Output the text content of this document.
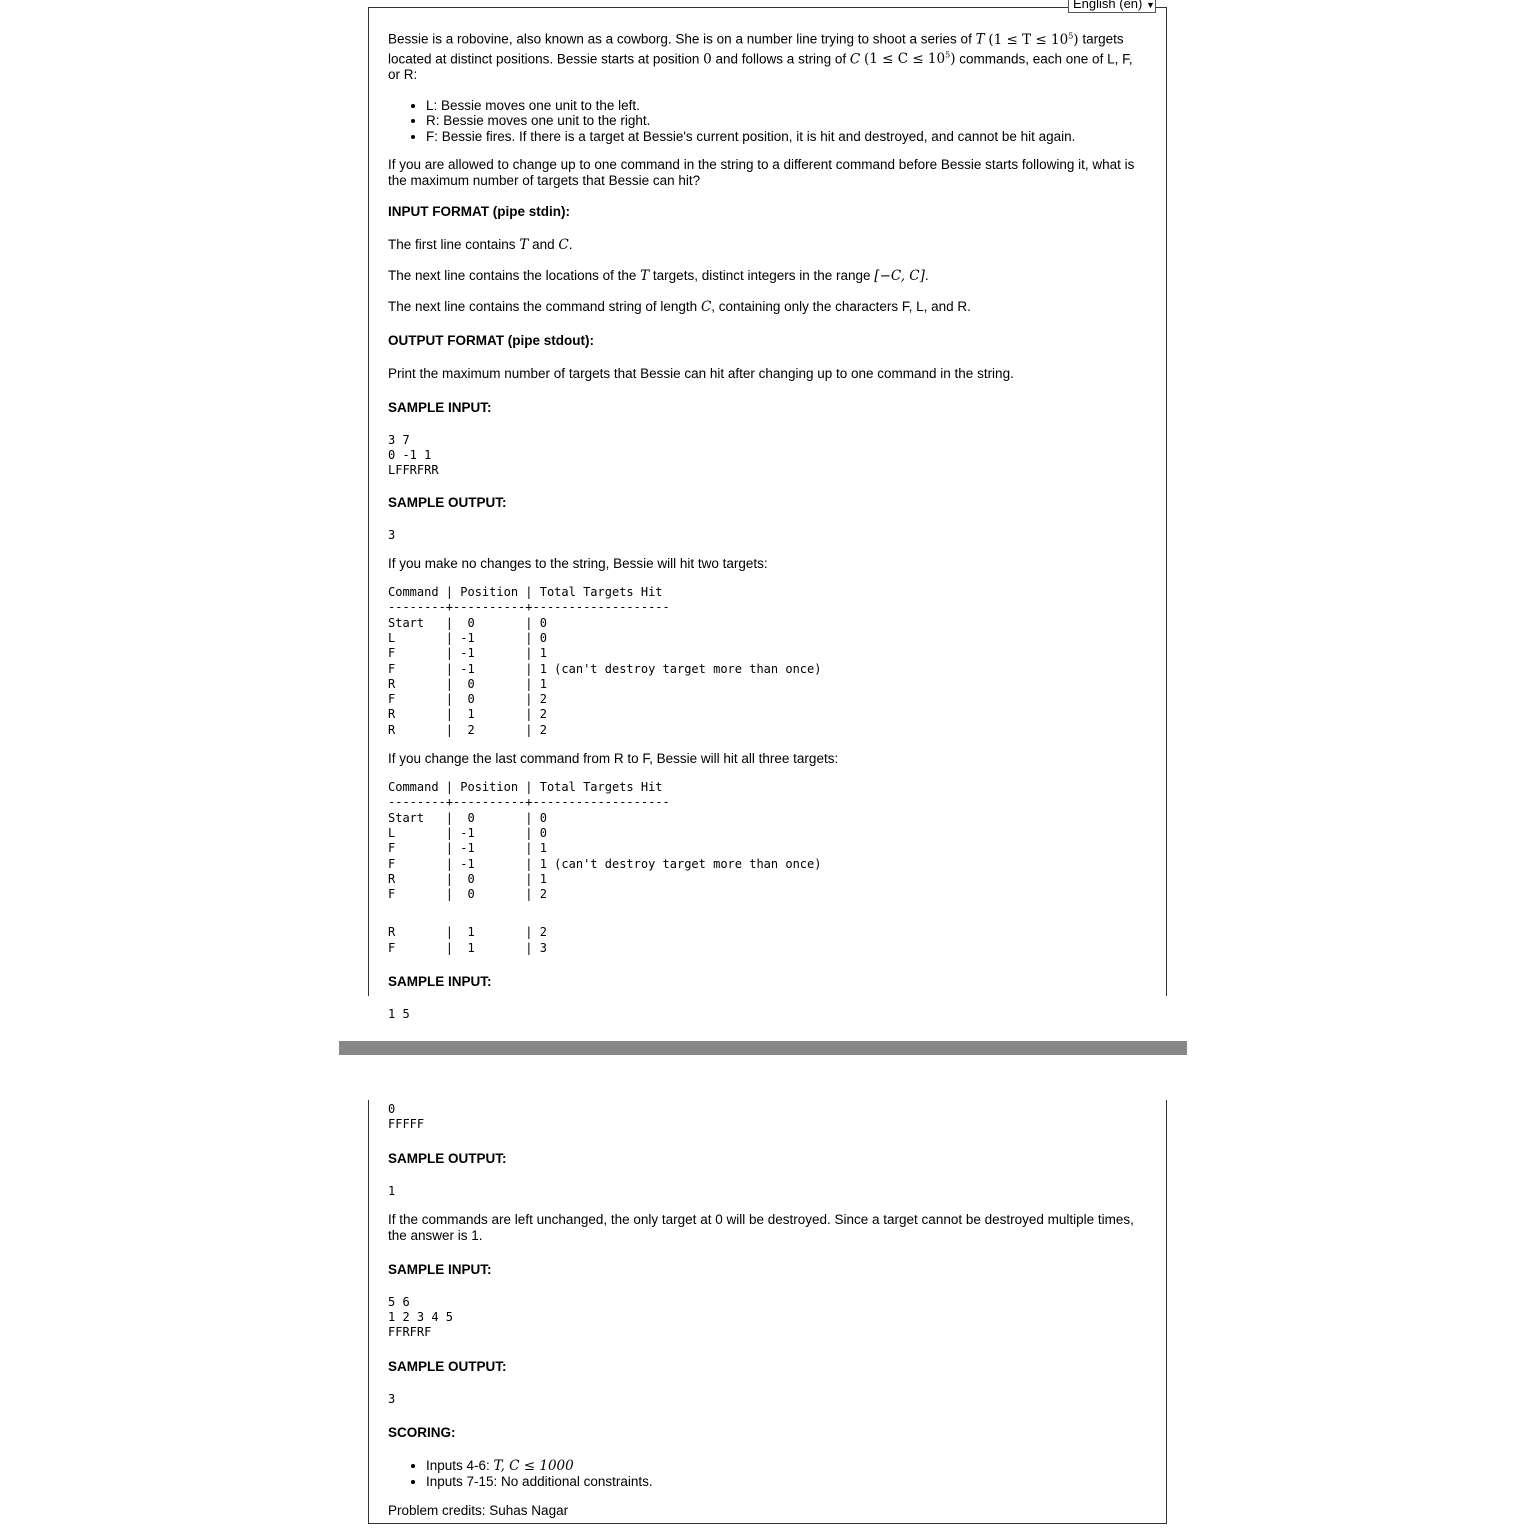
Bessie is a robovine, also known as a cowborg. She is on a number line trying to shoot a series of T $(1 \le T \le 10^5)$ targets located at distinct positions. Bessie starts at position 0 and follows a string of C $(1 \le C \le 10^5)$ commands, each one of L, F, or R:

• L: Bessie moves one unit to the left.
• R: Bessie moves one unit to the right.
• F: Bessie fires. If there is a target at Bessie's current position, it is hit and destroyed, and cannot be hit again.

If you are allowed to change up to one command in the string to a different command before Bessie starts following it, what is the maximum number of targets that Bessie can hit?

INPUT FORMAT (pipe stdin):

The first line contains T and C.

The next line contains the locations of the T targets, distinct integers in the range [−C, C].

The next line contains the command string of length C, containing only the characters F, L, and R.

OUTPUT FORMAT (pipe stdout):

Print the maximum number of targets that Bessie can hit after changing up to one command in the string.

SAMPLE INPUT:
3 7
0 -1 1
LFFRFRR
SAMPLE OUTPUT:
3

If you make no changes to the string, Bessie will hit two targets:

Command | Position | Total Targets Hit
--------+----------+-------------------
Start   |  0       | 0
L       | -1       | 0
F       | -1       | 1
F       | -1       | 1 (can't destroy target more than once)
R       |  0       | 1
F       |  0       | 2
R       |  1       | 2
R       |  2       | 2

If you change the last command from R to F, Bessie will hit all three targets:

Command | Position | Total Targets Hit
--------+----------+-------------------
Start   |  0       | 0
L       | -1       | 0
F       | -1       | 1
F       | -1       | 1 (can't destroy target more than once)
R       |  0       | 1
F       |  0       | 2
R       |  1       | 2
F       |  1       | 3
SAMPLE INPUT:
1 5
English (en) ▼
0
FFFFF
SAMPLE OUTPUT:
1

If the commands are left unchanged, the only target at 0 will be destroyed. Since a target cannot be destroyed multiple times, the answer is 1.

SAMPLE INPUT:
5 6
1 2 3 4 5
FFRFRF
SAMPLE OUTPUT:
3
SCORING:
• Inputs 4-6: T, C ≤ 1000
• Inputs 7-15: No additional constraints.

Problem credits: Suhas Nagar
